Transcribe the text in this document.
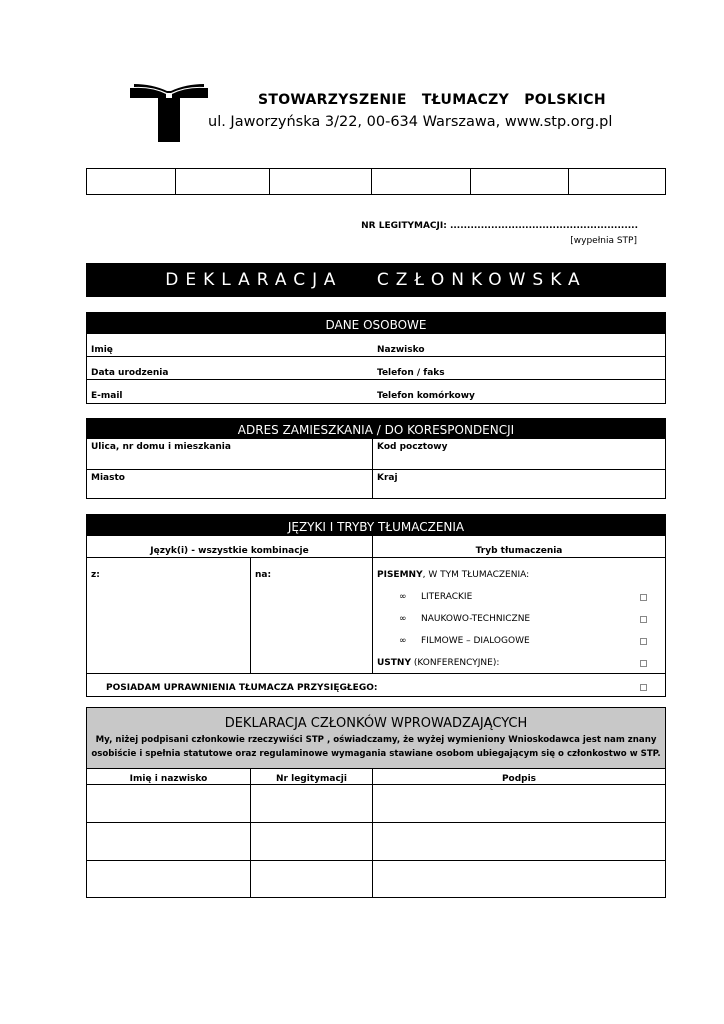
STOWARZYSZENIE TŁUMACZY POLSKICH
ul. Jaworzyńska 3/22, 00-634 Warszawa, www.stp.org.pl
NR LEGITYMACJI: .......................................................
[wypełnia STP]
DEKLARACJA CZŁONKOWSKA
DANE OSOBOWE
Imię	Nazwisko
Data urodzenia	Telefon / faks
E-mail	Telefon komórkowy
ADRES ZAMIESZKANIA / DO KORESPONDENCJI
Ulica, nr domu i mieszkania	Kod pocztowy
Miasto	Kraj
JĘZYKI I TRYBY TŁUMACZENIA
Język(i) - wszystkie kombinacje	Tryb tłumaczenia
z:	na:	PISEMNY, W TYM TŁUMACZENIA:
∞ LITERACKIE
∞ NAUKOWO-TECHNICZNE
∞ FILMOWE – DIALOGOWE
USTNY (KONFERENCYJNE):
POSIADAM UPRAWNIENIA TŁUMACZA PRZYSIĘGŁEGO:
DEKLARACJA CZŁONKÓW WPROWADZAJĄCYCH
My, niżej podpisani członkowie rzeczywiści STP , oświadczamy, że wyżej wymieniony Wnioskodawca jest nam znany
osobiście i spełnia statutowe oraz regulaminowe wymagania stawiane osobom ubiegającym się o członkostwo w STP.
Imię i nazwisko	Nr legitymacji	Podpis
